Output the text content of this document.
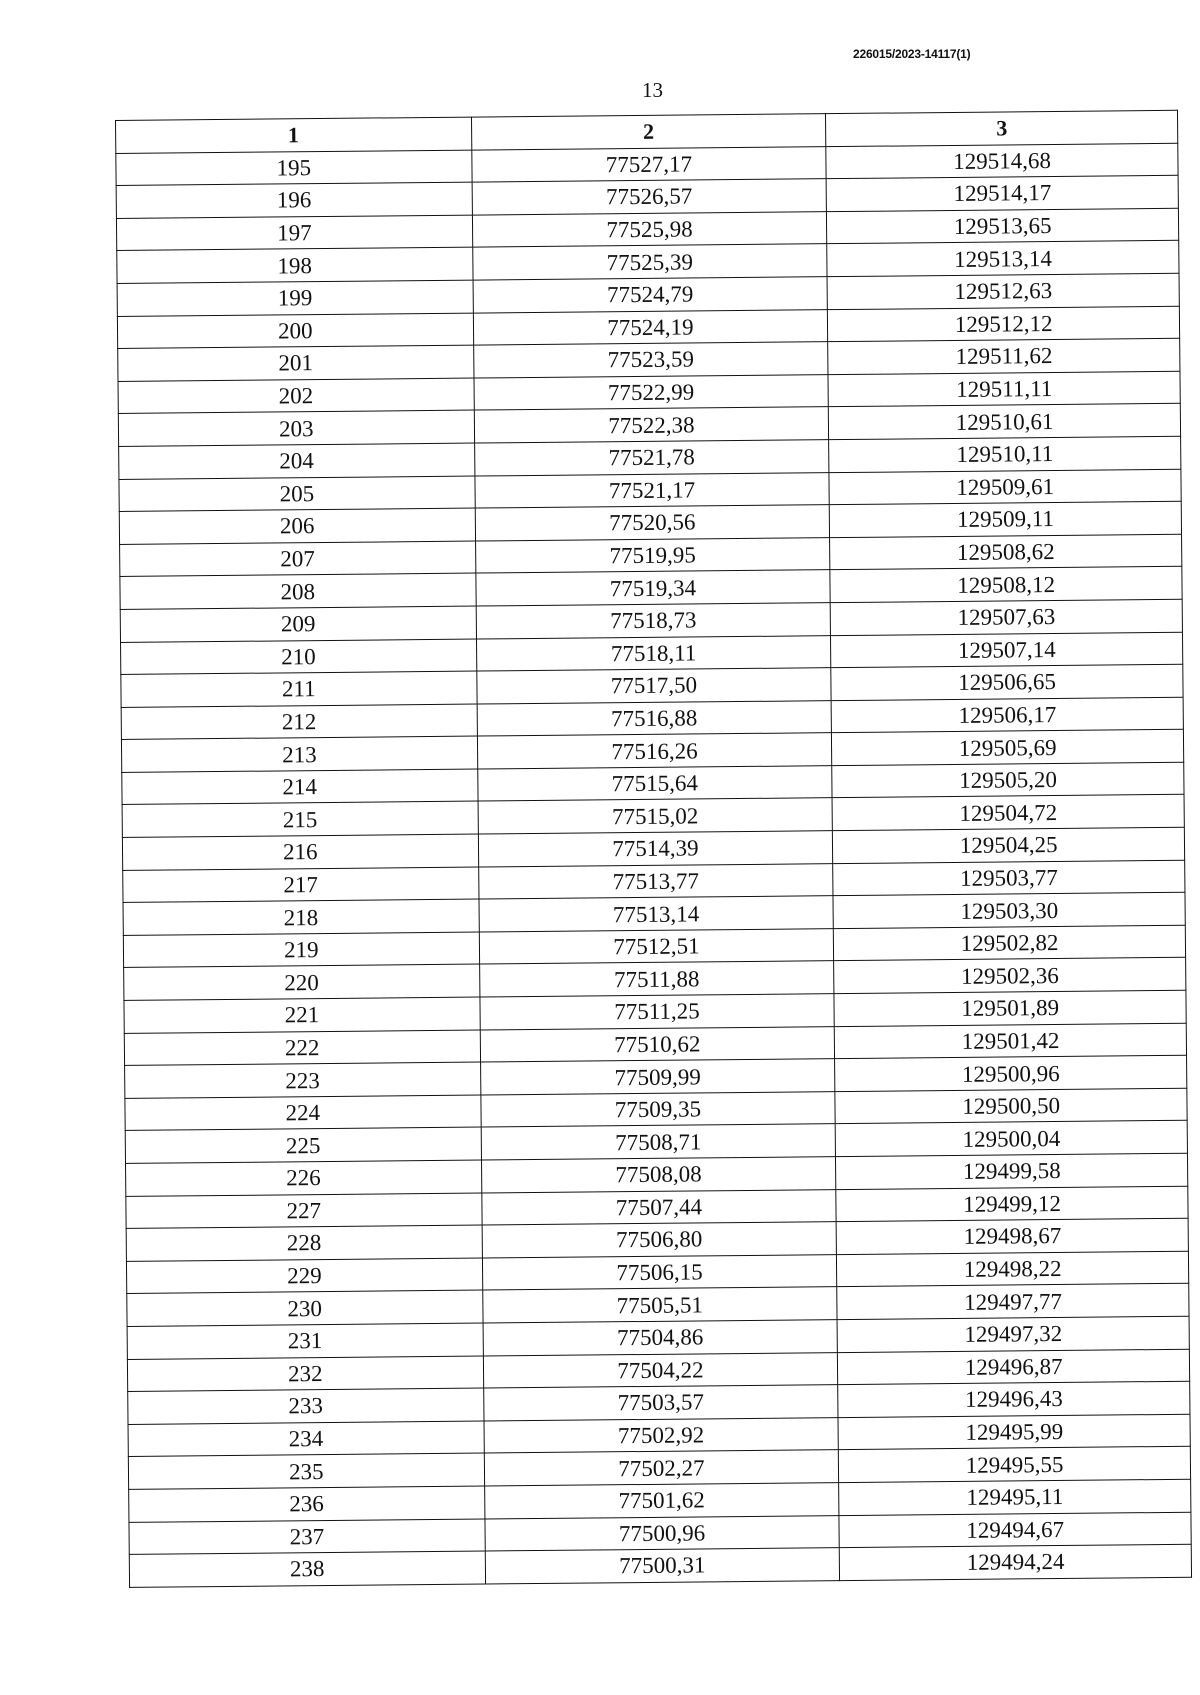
226015/2023-14117(1)
13
1	2	3
195	77527,17	129514,68
196	77526,57	129514,17
197	77525,98	129513,65
198	77525,39	129513,14
199	77524,79	129512,63
200	77524,19	129512,12
201	77523,59	129511,62
202	77522,99	129511,11
203	77522,38	129510,61
204	77521,78	129510,11
205	77521,17	129509,61
206	77520,56	129509,11
207	77519,95	129508,62
208	77519,34	129508,12
209	77518,73	129507,63
210	77518,11	129507,14
211	77517,50	129506,65
212	77516,88	129506,17
213	77516,26	129505,69
214	77515,64	129505,20
215	77515,02	129504,72
216	77514,39	129504,25
217	77513,77	129503,77
218	77513,14	129503,30
219	77512,51	129502,82
220	77511,88	129502,36
221	77511,25	129501,89
222	77510,62	129501,42
223	77509,99	129500,96
224	77509,35	129500,50
225	77508,71	129500,04
226	77508,08	129499,58
227	77507,44	129499,12
228	77506,80	129498,67
229	77506,15	129498,22
230	77505,51	129497,77
231	77504,86	129497,32
232	77504,22	129496,87
233	77503,57	129496,43
234	77502,92	129495,99
235	77502,27	129495,55
236	77501,62	129495,11
237	77500,96	129494,67
238	77500,31	129494,24
